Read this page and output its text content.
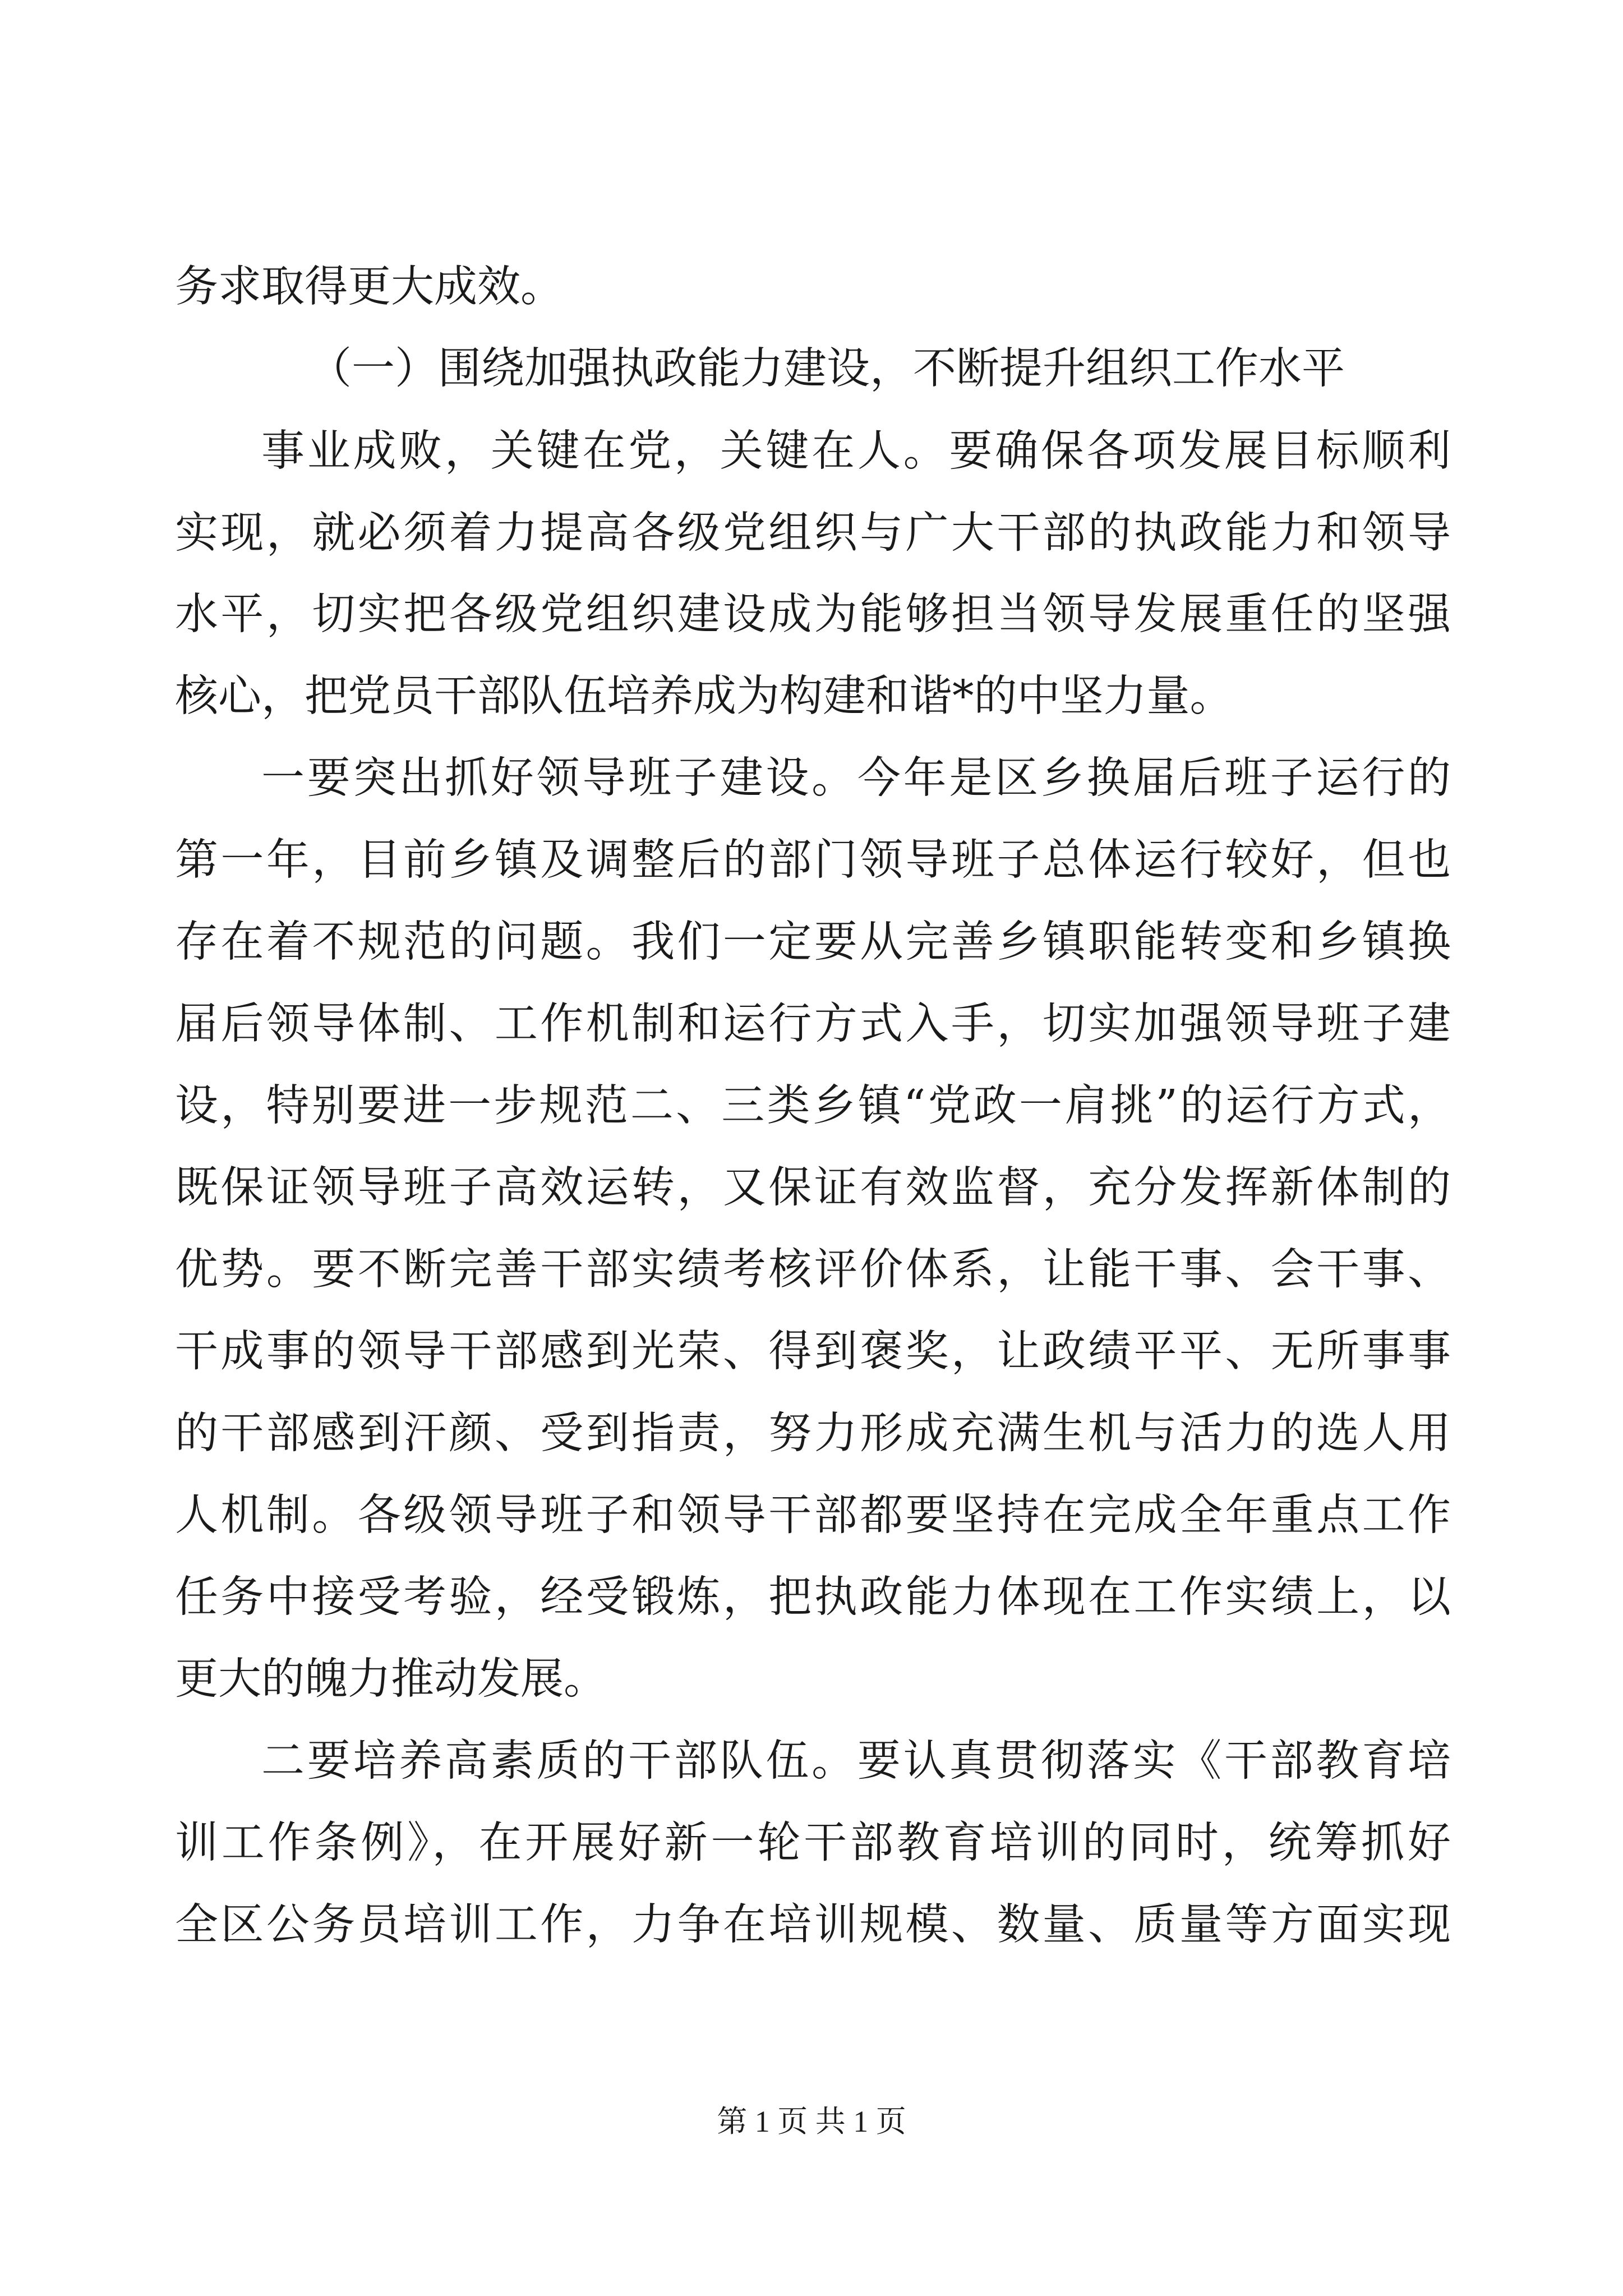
务求取得更大成效。
（一）围绕加强执政能力建设，不断提升组织工作水平
事业成败，关键在党，关键在人。要确保各项发展目标顺利
实现，就必须着力提高各级党组织与广大干部的执政能力和领导
水平，切实把各级党组织建设成为能够担当领导发展重任的坚强
核心，把党员干部队伍培养成为构建和谐*的中坚力量。
一要突出抓好领导班子建设。今年是区乡换届后班子运行的
第一年，目前乡镇及调整后的部门领导班子总体运行较好，但也
存在着不规范的问题。我们一定要从完善乡镇职能转变和乡镇换
届后领导体制、工作机制和运行方式入手，切实加强领导班子建
设，特别要进一步规范二、三类乡镇“党政一肩挑”的运行方式，
既保证领导班子高效运转，又保证有效监督，充分发挥新体制的
优势。要不断完善干部实绩考核评价体系，让能干事、会干事、
干成事的领导干部感到光荣、得到褒奖，让政绩平平、无所事事
的干部感到汗颜、受到指责，努力形成充满生机与活力的选人用
人机制。各级领导班子和领导干部都要坚持在完成全年重点工作
任务中接受考验，经受锻炼，把执政能力体现在工作实绩上，以
更大的魄力推动发展。
二要培养高素质的干部队伍。要认真贯彻落实《干部教育培
训工作条例》，在开展好新一轮干部教育培训的同时，统筹抓好
全区公务员培训工作，力争在培训规模、数量、质量等方面实现
第 1 页 共 1 页
